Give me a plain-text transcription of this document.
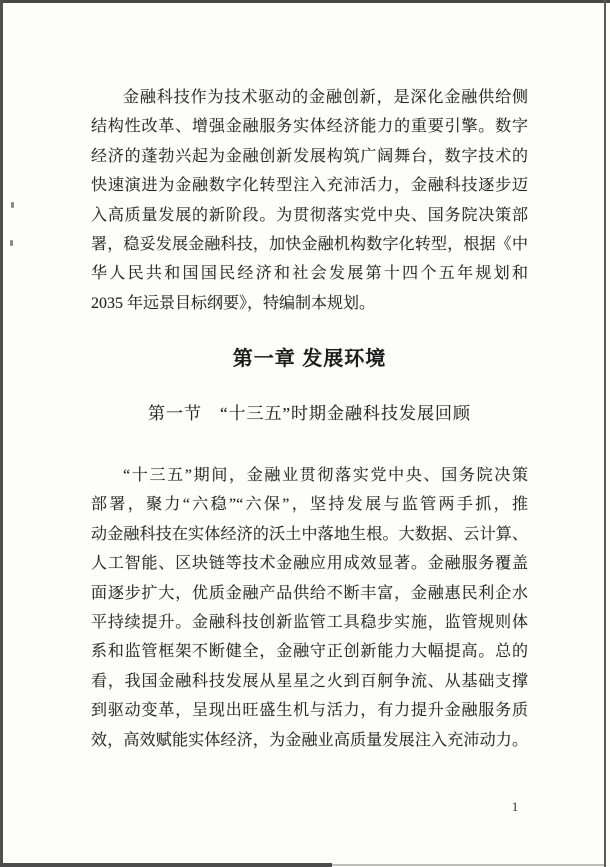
金融科技作为技术驱动的金融创新，是深化金融供给侧
结构性改革、增强金融服务实体经济能力的重要引擎。数字
经济的蓬勃兴起为金融创新发展构筑广阔舞台，数字技术的
快速演进为金融数字化转型注入充沛活力，金融科技逐步迈
入高质量发展的新阶段。为贯彻落实党中央、国务院决策部
署，稳妥发展金融科技，加快金融机构数字化转型，根据《中
华人民共和国国民经济和社会发展第十四个五年规划和
2035 年远景目标纲要》，特编制本规划。
第一章 发展环境
第一节　“十三五”时期金融科技发展回顾
“十三五”期间，金融业贯彻落实党中央、国务院决策
部署，聚力“六稳”“六保”，坚持发展与监管两手抓，推
动金融科技在实体经济的沃土中落地生根。大数据、云计算、
人工智能、区块链等技术金融应用成效显著。金融服务覆盖
面逐步扩大，优质金融产品供给不断丰富，金融惠民利企水
平持续提升。金融科技创新监管工具稳步实施，监管规则体
系和监管框架不断健全，金融守正创新能力大幅提高。总的
看，我国金融科技发展从星星之火到百舸争流、从基础支撑
到驱动变革，呈现出旺盛生机与活力，有力提升金融服务质
效，高效赋能实体经济，为金融业高质量发展注入充沛动力。
1
